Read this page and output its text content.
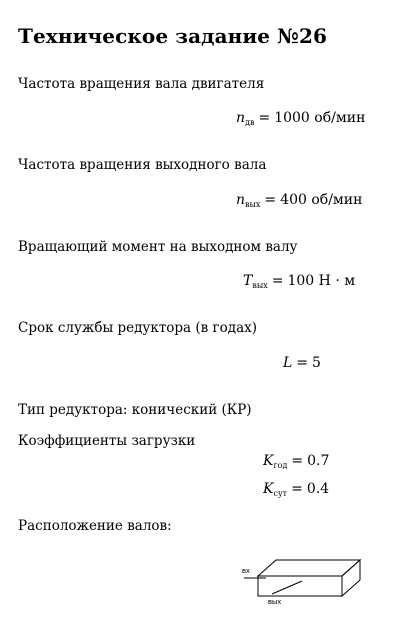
Техническое задание №26
Частота вращения вала двигателя
$n_{дв} = 1000$ об/мин
Частота вращения выходного вала
$n_{вых} = 400$ об/мин
Вращающий момент на выходном валу
$T_{вых} = 100$ Н · м
Срок службы редуктора (в годах)
L = 5
Тип редуктора: конический (КР)
Коэффициенты загрузки
$K_{год} = 0.7$
$K_{сут} = 0.4$
Расположение валов:
вх
вых
